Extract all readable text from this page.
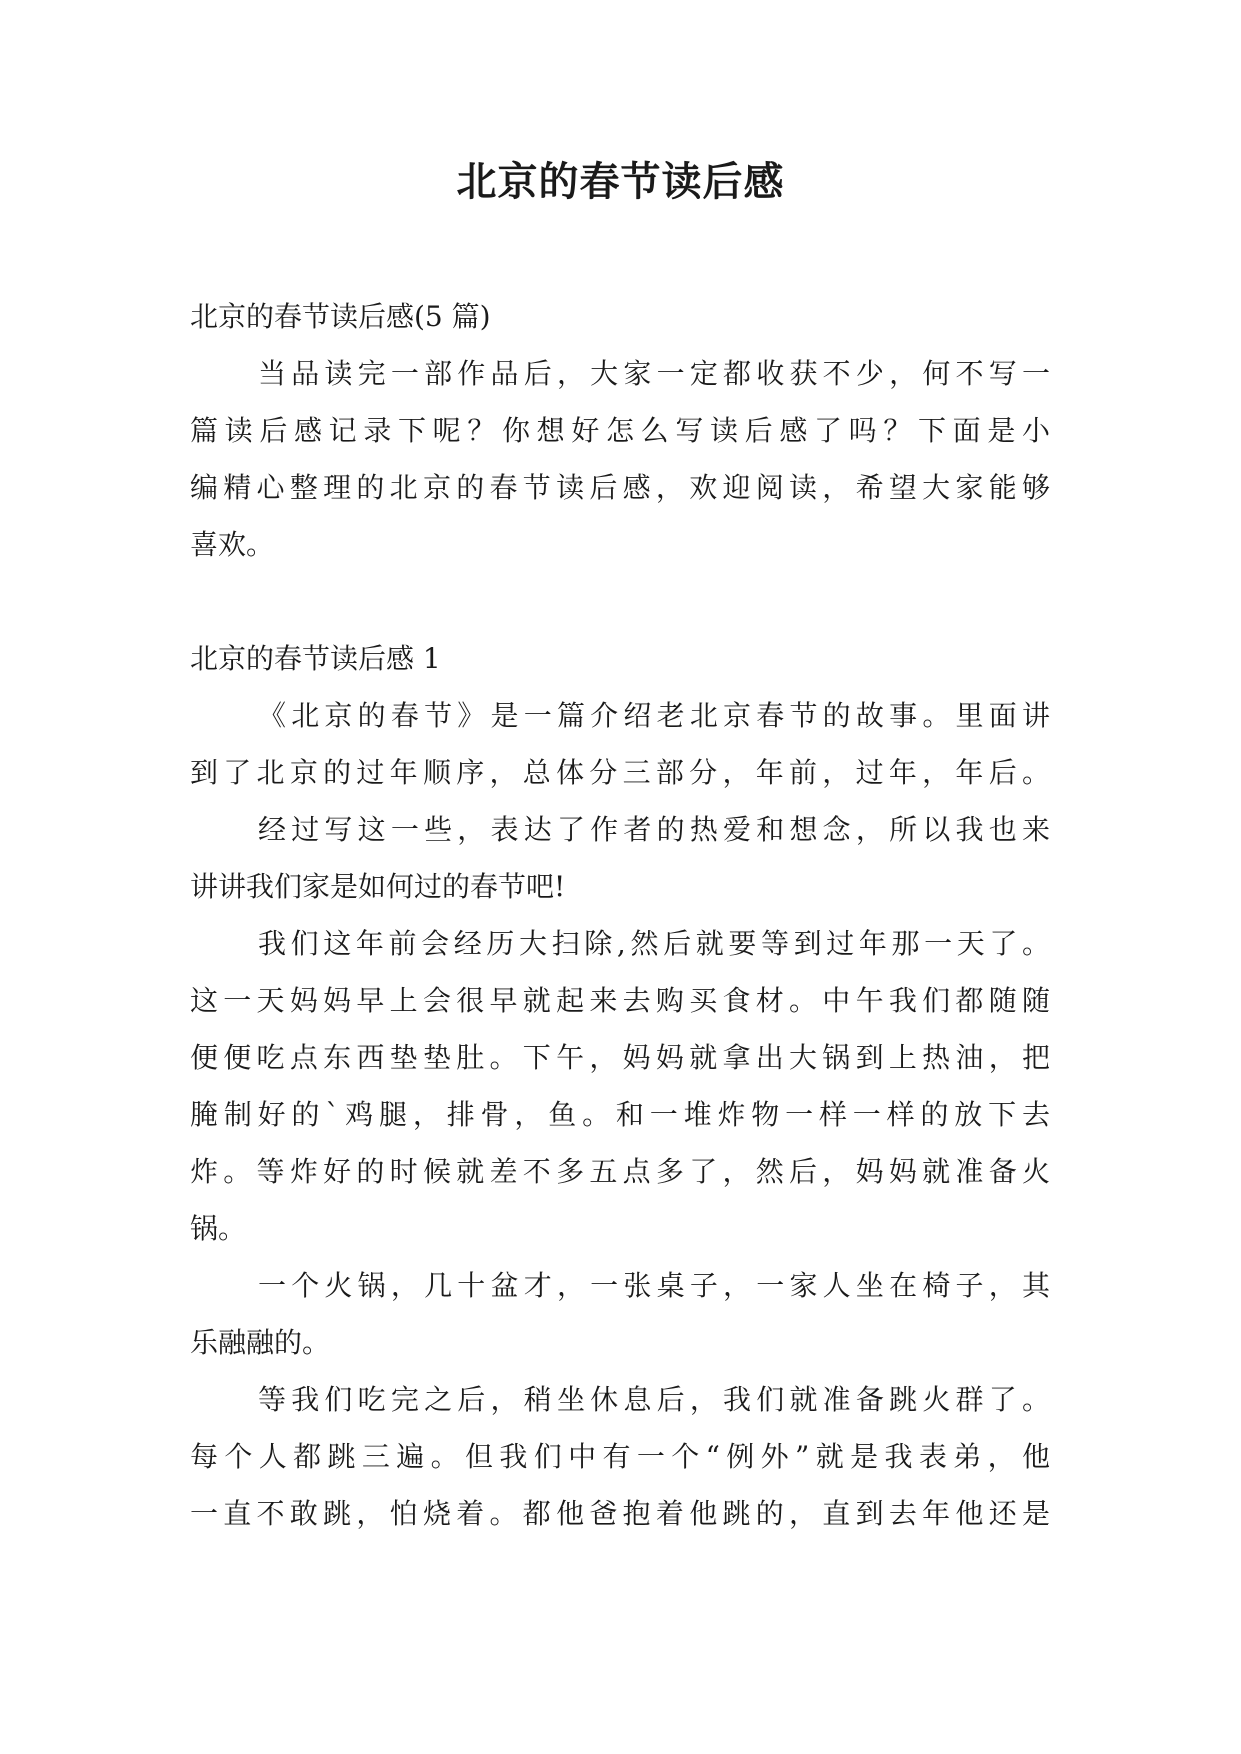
北京的春节读后感
北京的春节读后感(5 篇)
当品读完一部作品后，大家一定都收获不少，何不写一
篇读后感记录下呢？你想好怎么写读后感了吗？下面是小
编精心整理的北京的春节读后感，欢迎阅读，希望大家能够
喜欢。
北京的春节读后感 1
《北京的春节》是一篇介绍老北京春节的故事。里面讲
到了北京的过年顺序，总体分三部分，年前，过年，年后。
经过写这一些，表达了作者的热爱和想念，所以我也来
讲讲我们家是如何过的春节吧!
我们这年前会经历大扫除,然后就要等到过年那一天了。
这一天妈妈早上会很早就起来去购买食材。中午我们都随随
便便吃点东西垫垫肚。下午，妈妈就拿出大锅到上热油，把
腌制好的`鸡腿，排骨，鱼。和一堆炸物一样一样的放下去
炸。等炸好的时候就差不多五点多了，然后，妈妈就准备火
锅。
一个火锅，几十盆才，一张桌子，一家人坐在椅子，其
乐融融的。
等我们吃完之后，稍坐休息后，我们就准备跳火群了。
每个人都跳三遍。但我们中有一个“例外”就是我表弟，他
一直不敢跳，怕烧着。都他爸抱着他跳的，直到去年他还是
